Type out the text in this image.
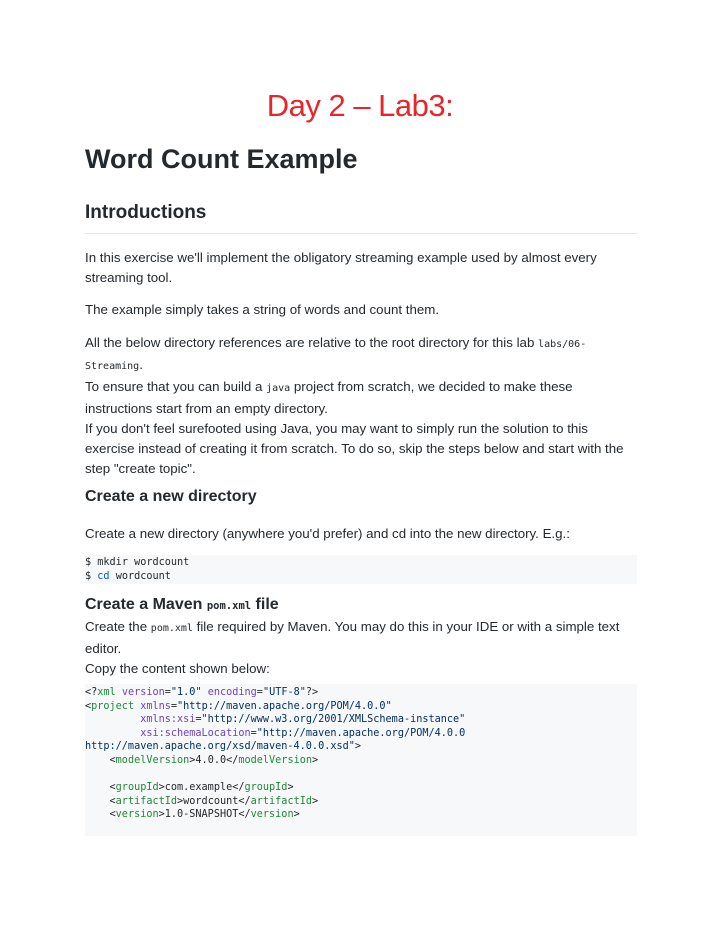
Day 2 – Lab3:
Word Count Example
Introductions
In this exercise we'll implement the obligatory streaming example used by almost every streaming tool.
The example simply takes a string of words and count them.
All the below directory references are relative to the root directory for this lab labs/06-Streaming.
To ensure that you can build a java project from scratch, we decided to make these instructions start from an empty directory.
If you don't feel surefooted using Java, you may want to simply run the solution to this exercise instead of creating it from scratch. To do so, skip the steps below and start with the step "create topic".
Create a new directory
Create a new directory (anywhere you'd prefer) and cd into the new directory. E.g.:
$ mkdir wordcount
$ cd wordcount
Create a Maven pom.xml file
Create the pom.xml file required by Maven. You may do this in your IDE or with a simple text editor.
Copy the content shown below:
<?xml version="1.0" encoding="UTF-8"?>
<project xmlns="http://maven.apache.org/POM/4.0.0"
xmlns:xsi="http://www.w3.org/2001/XMLSchema-instance"
xsi:schemaLocation="http://maven.apache.org/POM/4.0.0
http://maven.apache.org/xsd/maven-4.0.0.xsd">
<modelVersion>4.0.0</modelVersion>

<groupId>com.example</groupId>
<artifactId>wordcount</artifactId>
<version>1.0-SNAPSHOT</version>
